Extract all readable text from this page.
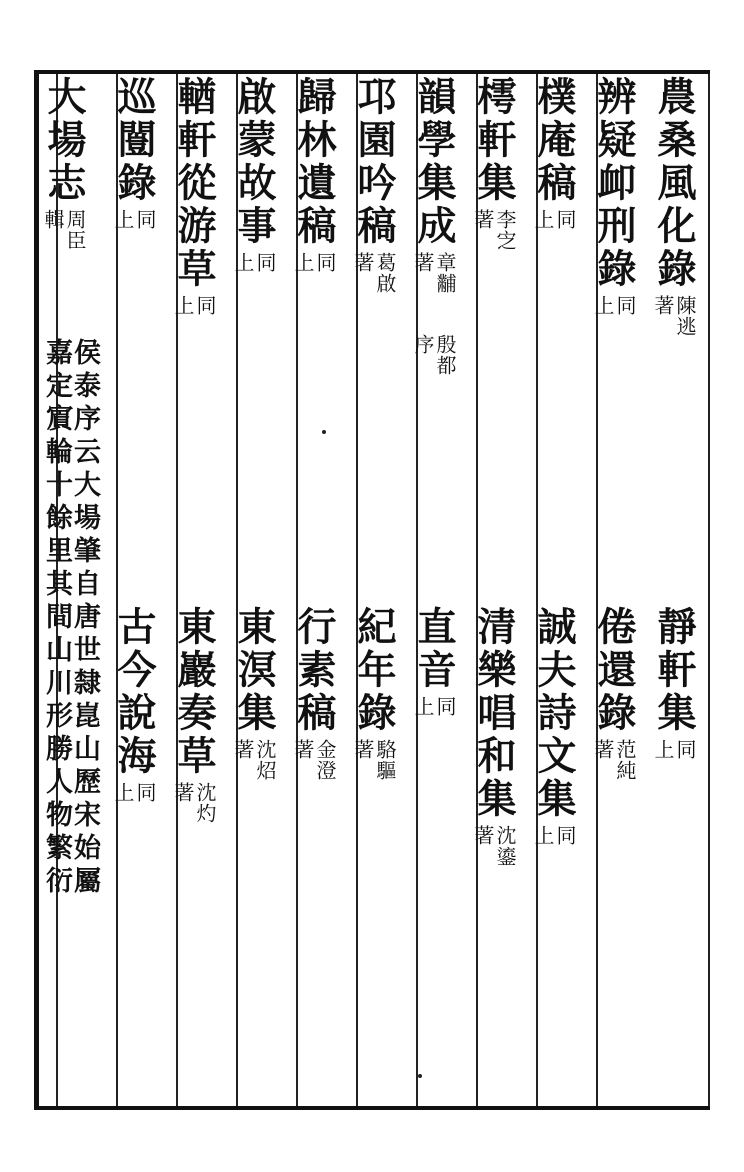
農桑風化錄
陳逃
著
靜軒集
同
上
辨疑卹刑錄
同
上
倦還錄
范純
著
樸庵稿
同
上
誠夫詩文集
同
上
樗軒集
李㝎
著
清樂唱和集
沈鎏
著
韻學集成
章黼
著
殷都
序
直音
同
上
邛園吟稿
葛啟
著
紀年錄
駱驅
著
歸林遺稿
同
上
行素稿
金澄
著
啟蒙故事
同
上
東溟集
沈炤
著
輶軒從游草
同
上
東巖奏草
沈灼
著
巡闓錄
同
上
古今說海
同
上
大場志
周臣
輯
侯泰序云大場肇自唐世隸崑山歷宋始屬
嘉定賔輪十餘里其間山川形勝人物繁衍
